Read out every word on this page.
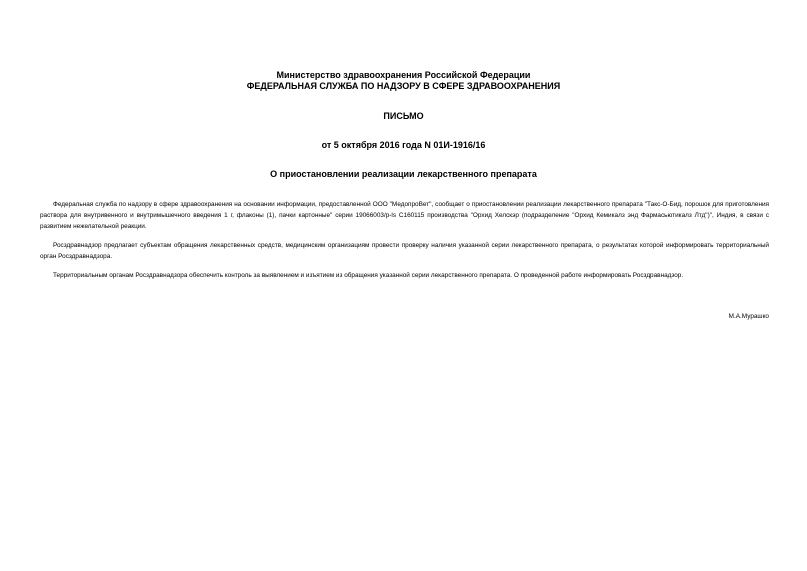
Министерство здравоохранения Российской Федерации
ФЕДЕРАЛЬНАЯ СЛУЖБА ПО НАДЗОРУ В СФЕРЕ ЗДРАВООХРАНЕНИЯ
ПИСЬМО
от 5 октября 2016 года N 01И-1916/16
О приостановлении реализации лекарственного препарата

Федеральная служба по надзору в сфере здравоохранения на основании информации, предоставленной ООО "МедопроВет", сообщает о приостановлении реализации лекарственного препарата "Такс-О-Бид, порошок для приготовления раствора для внутривенного и внутримышечного введения 1 г, флаконы (1), пачки картонные" серии 19066003/р-ls С160115 производства "Орхид Хелскэр (подразделение "Орхид Кемикалз энд Фармасьютикалз Лтд")", Индия, в связи с развитием нежелательной реакции.

Росздравнадзор предлагает субъектам обращения лекарственных средств, медицинским организациям провести проверку наличия указанной серии лекарственного препарата, о результатах которой информировать территориальный орган Росздравнадзора.

Территориальным органам Росздравнадзора обеспечить контроль за выявлением и изъятием из обращения указанной серии лекарственного препарата. О проведенной работе информировать Росздравнадзор.

М.А.Мурашко
